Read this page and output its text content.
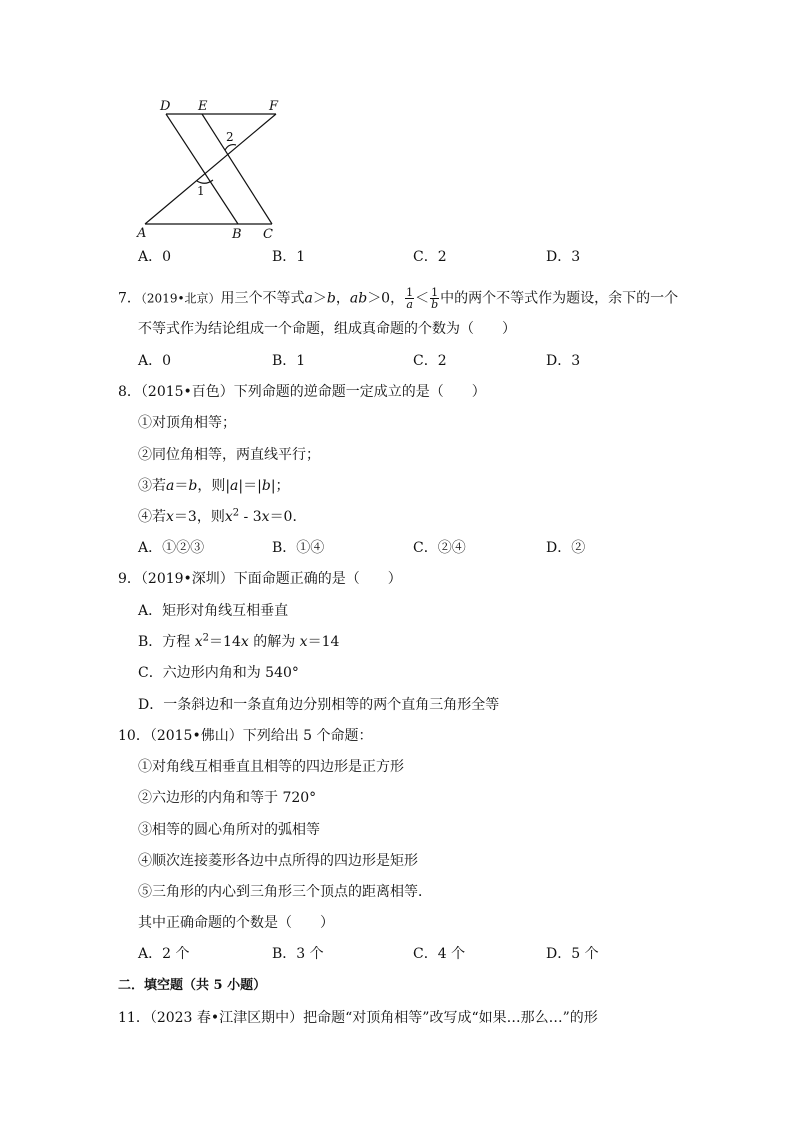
D E	F
A	B C
1
2
A．0	B．1	C．2	D．3
7．（2019•北京）用三个不等式a＞b，ab＞0， $\frac{1}{a} < \frac{1}{b}$ 中的两个不等式作为题设，余下的一个
不等式作为结论组成一个命题，组成真命题的个数为（　　）
A．0	B．1	C．2	D．3
8．（2015•百色）下列命题的逆命题一定成立的是（　　）
①对顶角相等；
②同位角相等，两直线平行；
③若a＝b，则|a|＝|b|；
④若x＝3，则$x^2 - 3x=0$．
A．①②③	B．①④	C．②④	D．②
9．（2019•深圳）下面命题正确的是（　　）
A．矩形对角线互相垂直
B．方程 $x^2=14x$ 的解为 x＝14
C．六边形内角和为 540°
D．一条斜边和一条直角边分别相等的两个直角三角形全等
10．（2015•佛山）下列给出 5 个命题：
①对角线互相垂直且相等的四边形是正方形
②六边形的内角和等于 720°
③相等的圆心角所对的弧相等
④顺次连接菱形各边中点所得的四边形是矩形
⑤三角形的内心到三角形三个顶点的距离相等．
其中正确命题的个数是（　　）
A．2 个	B．3 个	C．4 个	D．5 个
二．填空题（共 5 小题）
11．（2023 春•江津区期中）把命题“对顶角相等”改写成“如果…那么…”的形
